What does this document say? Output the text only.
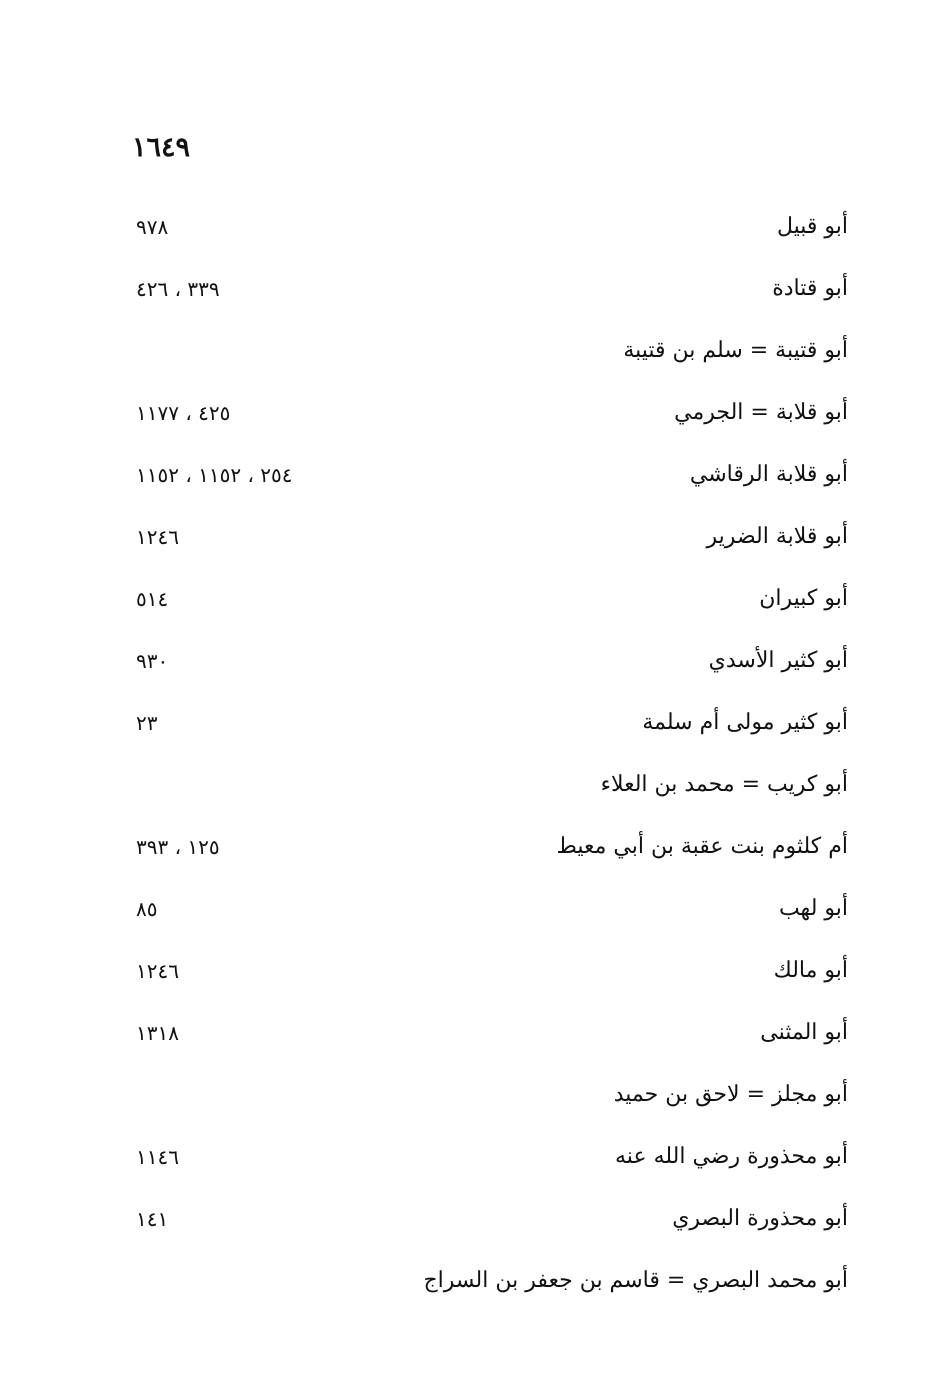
١٦٤٩
أبو قبيل
٩٧٨
أبو قتادة
٣٣٩ ، ٤٢٦
أبو قتيبة = سلم بن قتيبة
أبو قلابة = الجرمي
٤٢٥ ، ١١٧٧
أبو قلابة الرقاشي
٢٥٤ ، ١١٥٢ ، ١١٥٢
أبو قلابة الضرير
١٢٤٦
أبو كبيران
٥١٤
أبو كثير الأسدي
٩٣٠
أبو كثير مولى أم سلمة
٢٣
أبو كريب = محمد بن العلاء
أم كلثوم بنت عقبة بن أبي معيط
١٢٥ ، ٣٩٣
أبو لهب
٨٥
أبو مالك
١٢٤٦
أبو المثنى
١٣١٨
أبو مجلز = لاحق بن حميد
أبو محذورة رضي الله عنه
١١٤٦
أبو محذورة البصري
١٤١
أبو محمد البصري = قاسم بن جعفر بن السراج
